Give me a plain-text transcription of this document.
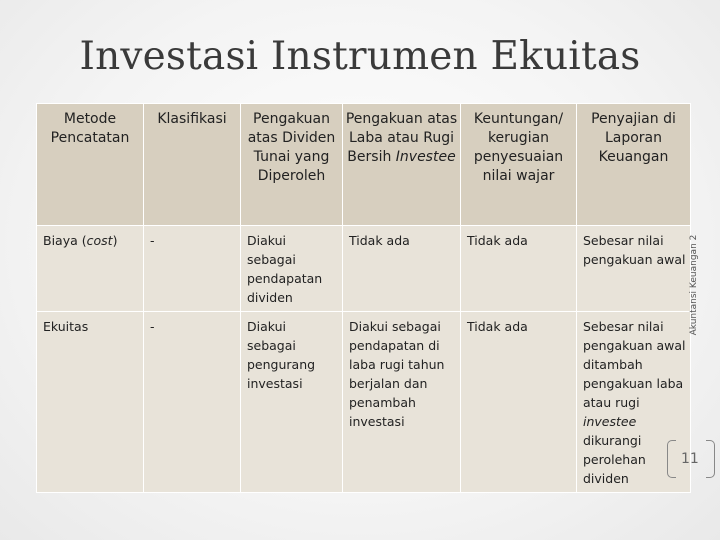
Investasi Instrumen Ekuitas
Metode Pencatatan	Klasifikasi	Pengakuan atas Dividen Tunai yang Diperoleh	Pengakuan atas Laba atau Rugi Bersih Investee	Keuntungan/ kerugian penyesuaian nilai wajar	Penyajian di Laporan Keuangan
Biaya (cost)	-	Diakui sebagai pendapatan dividen	Tidak ada	Tidak ada	Sebesar nilai pengakuan awal
Ekuitas	-	Diakui sebagai pengurang investasi	Diakui sebagai pendapatan di laba rugi tahun berjalan dan penambah investasi	Tidak ada	Sebesar nilai pengakuan awal ditambah pengakuan laba atau rugi investee dikurangi perolehan dividen
Akuntansi Keuangan 2
11
